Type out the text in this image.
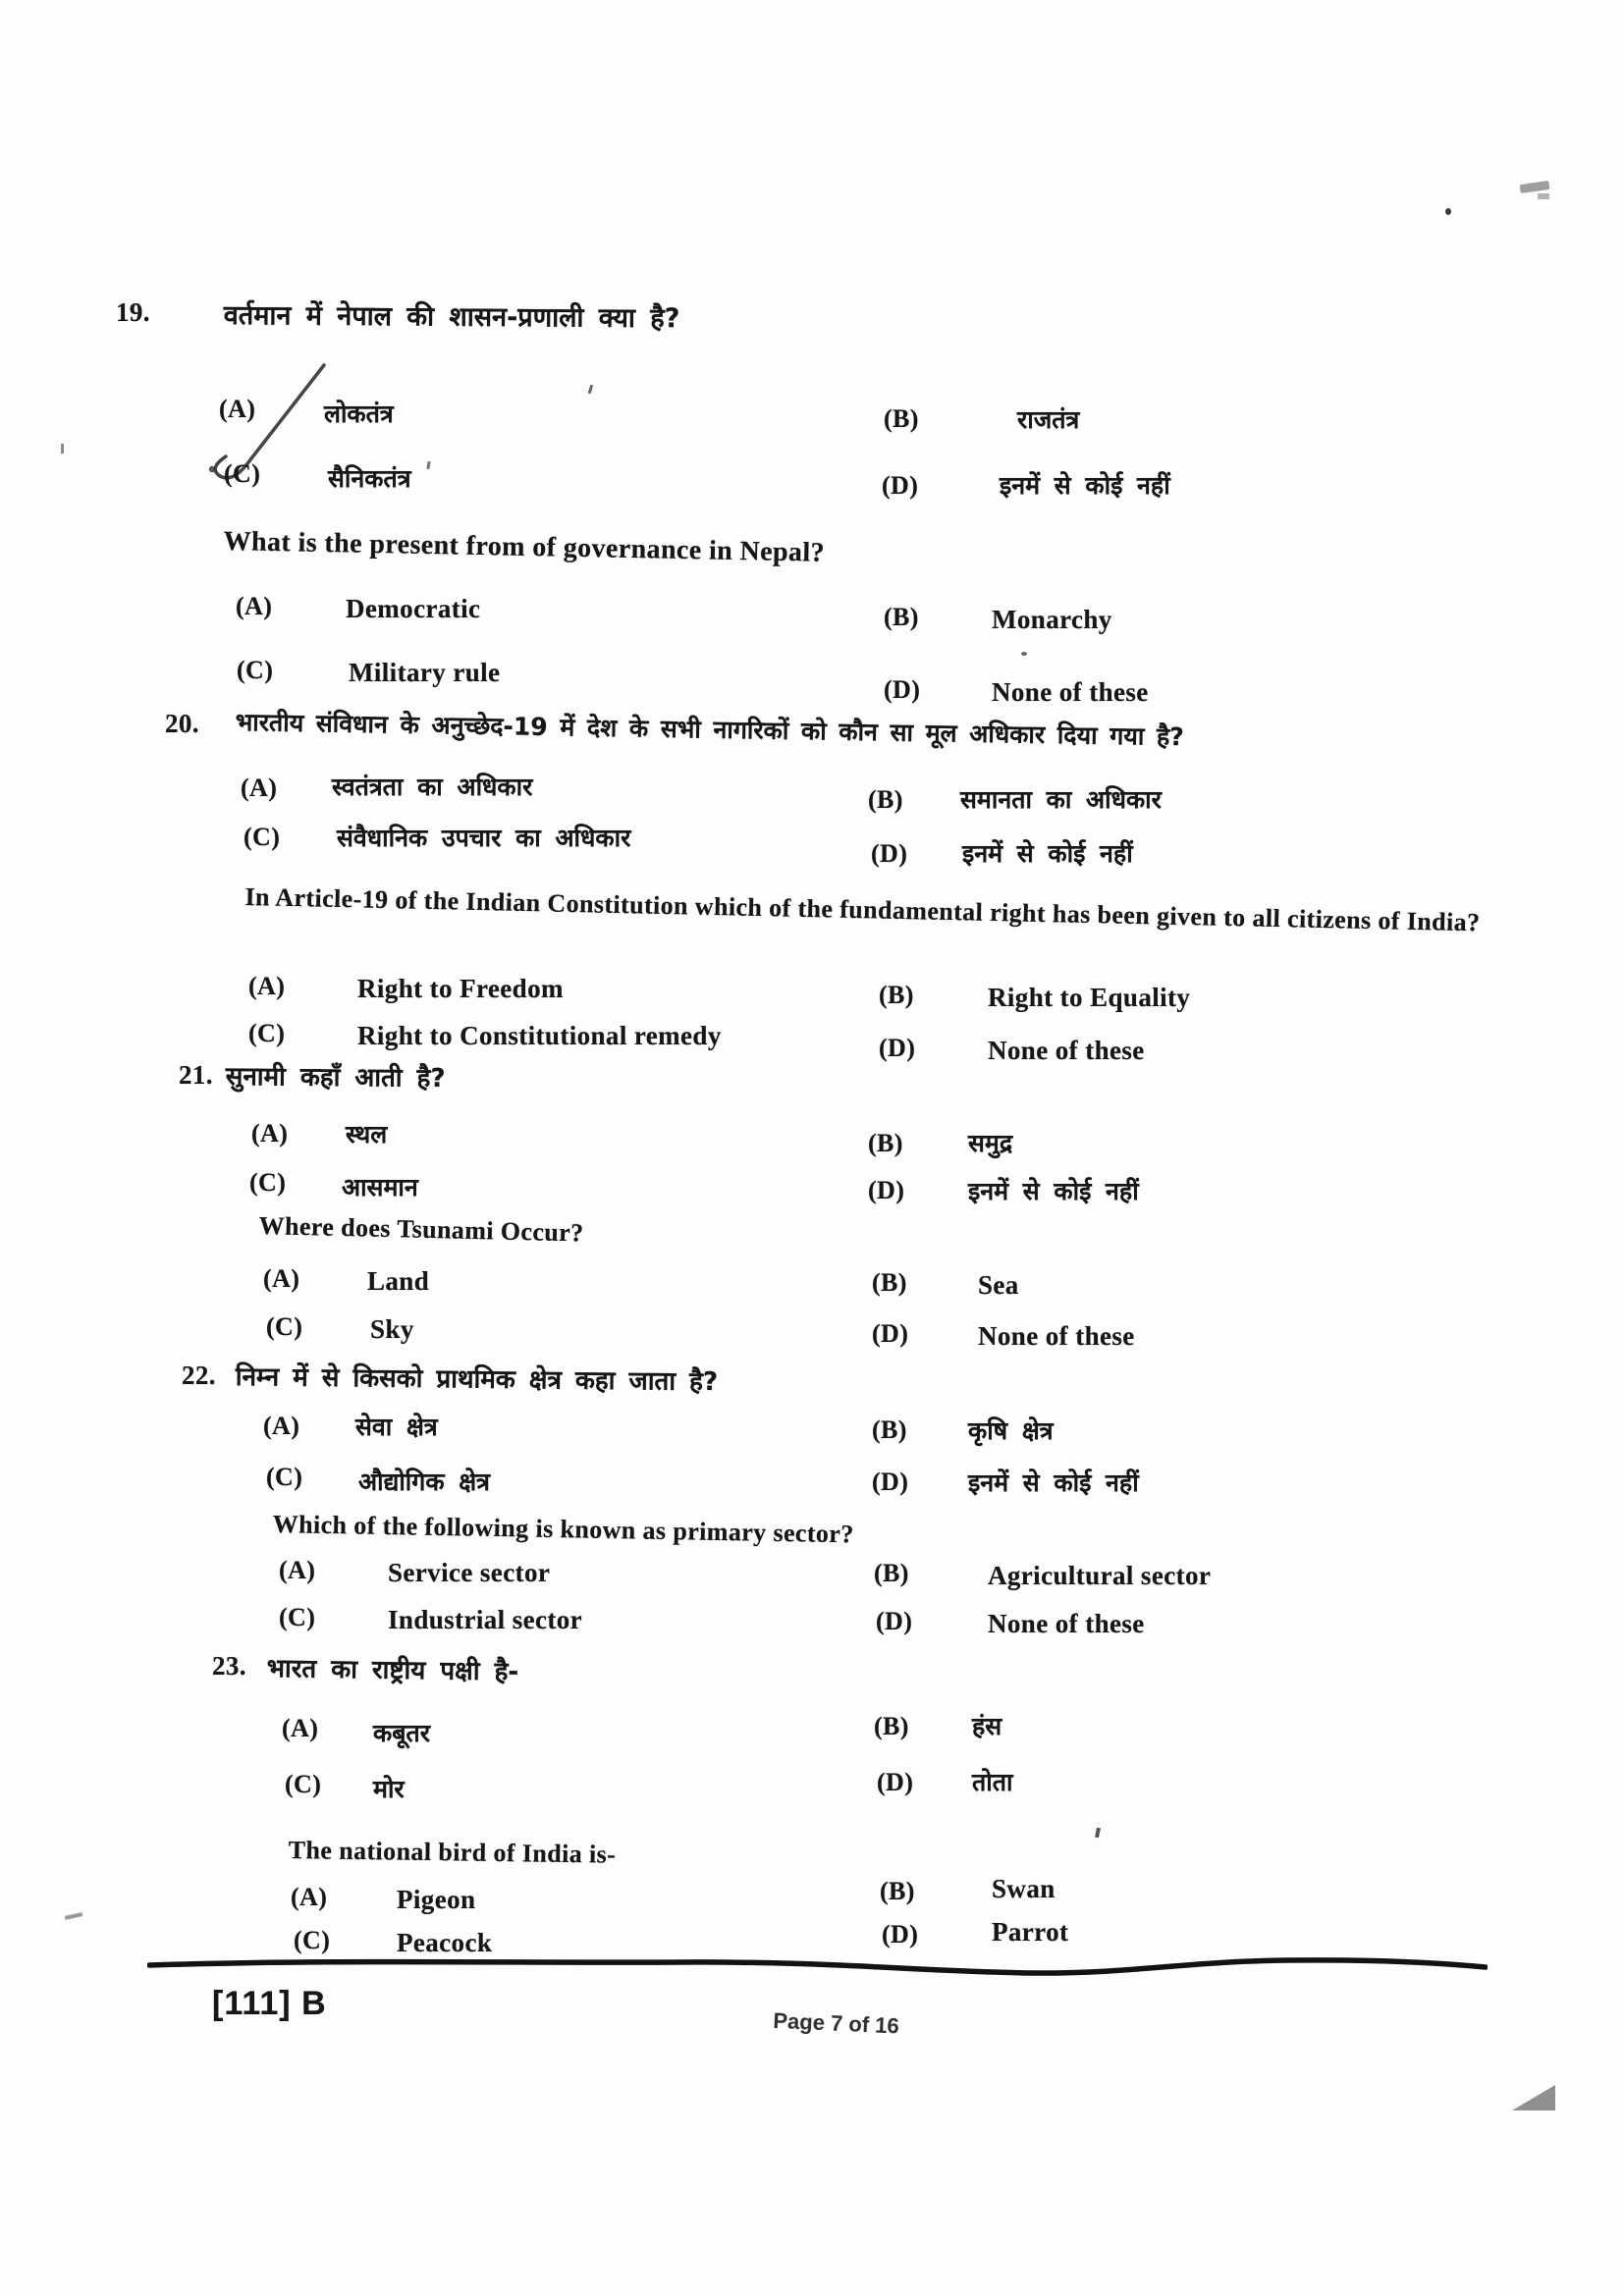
19.	वर्तमान में नेपाल की शासन-प्रणाली क्या है?
(A)	लोकतंत्र	(B)	राजतंत्र
(C)	सैनिकतंत्र	(D)	इनमें से कोई नहीं
What is the present from of governance in Nepal?
(A)	Democratic	(B)	Monarchy
(C)	Military rule
(D)	None of these
20. भारतीय संविधान के अनुच्छेद-19 में देश के सभी नागरिकों को कौन सा मूल अधिकार दिया गया है?
(A) स्वतंत्रता का अधिकार	(B) समानता का अधिकार
(C) संवैधानिक उपचार का अधिकार
(D) इनमें से कोई नहीं
In Article-19 of the Indian Constitution which of the fundamental right has been given to all citizens of India?
(A)	Right to Freedom	(B)	Right to Equality
(C)	Right to Constitutional remedy	(D)	None of these
21. सुनामी कहाँ आती है?
(A) स्थल	(B)	समुद्र
(C) आसमान	(D)	इनमें से कोई नहीं
Where does Tsunami Occur?
(A)	Land	(B)	Sea
(C)	Sky	(D)	None of these
22. निम्न में से किसको प्राथमिक क्षेत्र कहा जाता है?
(A) सेवा क्षेत्र	(B) कृषि क्षेत्र
(C) औद्योगिक क्षेत्र	(D) इनमें से कोई नहीं
Which of the following is known as primary sector?
(A)	Service sector	(B)	Agricultural sector
(C)	Industrial sector	(D)	None of these
23. भारत का राष्ट्रीय पक्षी है-
(A) कबूतर	(B)	हंस
(C) मोर	(D) तोता
The national bird of India is-
(A)	Pigeon	(B)	Swan
(C)	Peacock	(D)	Parrot
[111] B
Page 7 of 16
